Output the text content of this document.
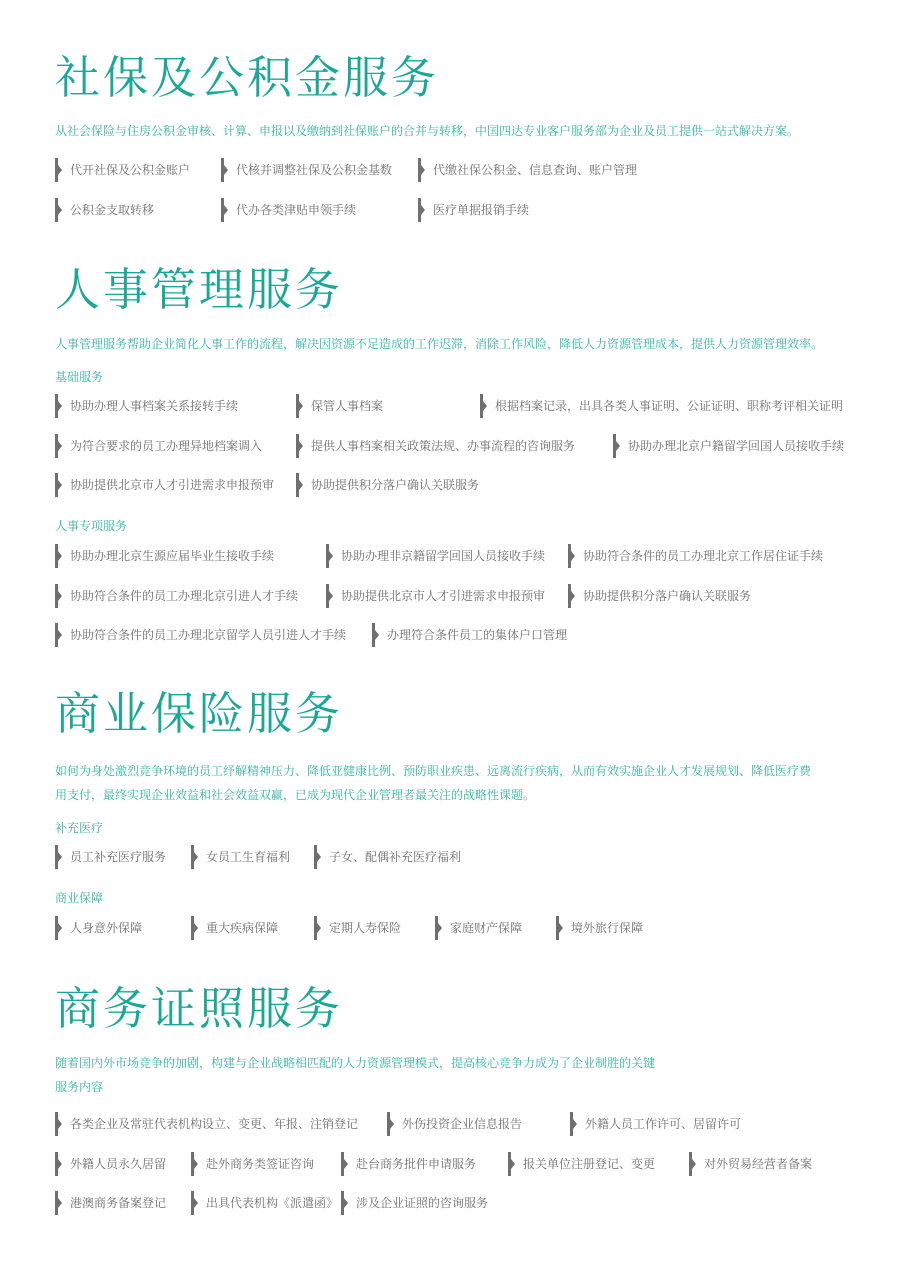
社保及公积金服务
从社会保险与住房公积金审核、计算、申报以及缴纳到社保账户的合并与转移，中国四达专业客户服务部为企业及员工提供一站式解决方案。
代开社保及公积金账户	代核并调整社保及公积金基数	代缴社保公积金、信息查询、账户管理
公积金支取转移	代办各类津贴申领手续	医疗单据报销手续
人事管理服务
人事管理服务帮助企业简化人事工作的流程，解决因资源不足造成的工作迟滞，消除工作风险，降低人力资源管理成本，提供人力资源管理效率。
基础服务
协助办理人事档案关系接转手续	保管人事档案	根据档案记录，出具各类人事证明、公证证明、职称考评相关证明
为符合要求的员工办理异地档案调入	提供人事档案相关政策法规、办事流程的咨询服务	协助办理北京户籍留学回国人员接收手续
协助提供北京市人才引进需求申报预审	协助提供积分落户确认关联服务
人事专项服务
协助办理北京生源应届毕业生接收手续	协助办理非京籍留学回国人员接收手续	协助符合条件的员工办理北京工作居住证手续
协助符合条件的员工办理北京引进人才手续	协助提供北京市人才引进需求申报预审	协助提供积分落户确认关联服务
协助符合条件的员工办理北京留学人员引进人才手续	办理符合条件员工的集体户口管理
商业保险服务
如何为身处激烈竞争环境的员工纾解精神压力、降低亚健康比例、预防职业疾患、远离流行疾病，从而有效实施企业人才发展规划、降低医疗费
用支付，最终实现企业效益和社会效益双赢，已成为现代企业管理者最关注的战略性课题。
补充医疗
员工补充医疗服务	女员工生育福利	子女、配偶补充医疗福利
商业保障
人身意外保障	重大疾病保障	定期人寿保险	家庭财产保障	境外旅行保障
商务证照服务
随着国内外市场竞争的加剧，构建与企业战略相匹配的人力资源管理模式，提高核心竞争力成为了企业制胜的关键
服务内容
各类企业及常驻代表机构设立、变更、年报、注销登记	外伤投资企业信息报告	外籍人员工作许可、居留许可
外籍人员永久居留	赴外商务类签证咨询	赴台商务批件申请服务	报关单位注册登记、变更	对外贸易经营者备案
港澳商务备案登记	出具代表机构《派遣函》	涉及企业证照的咨询服务
